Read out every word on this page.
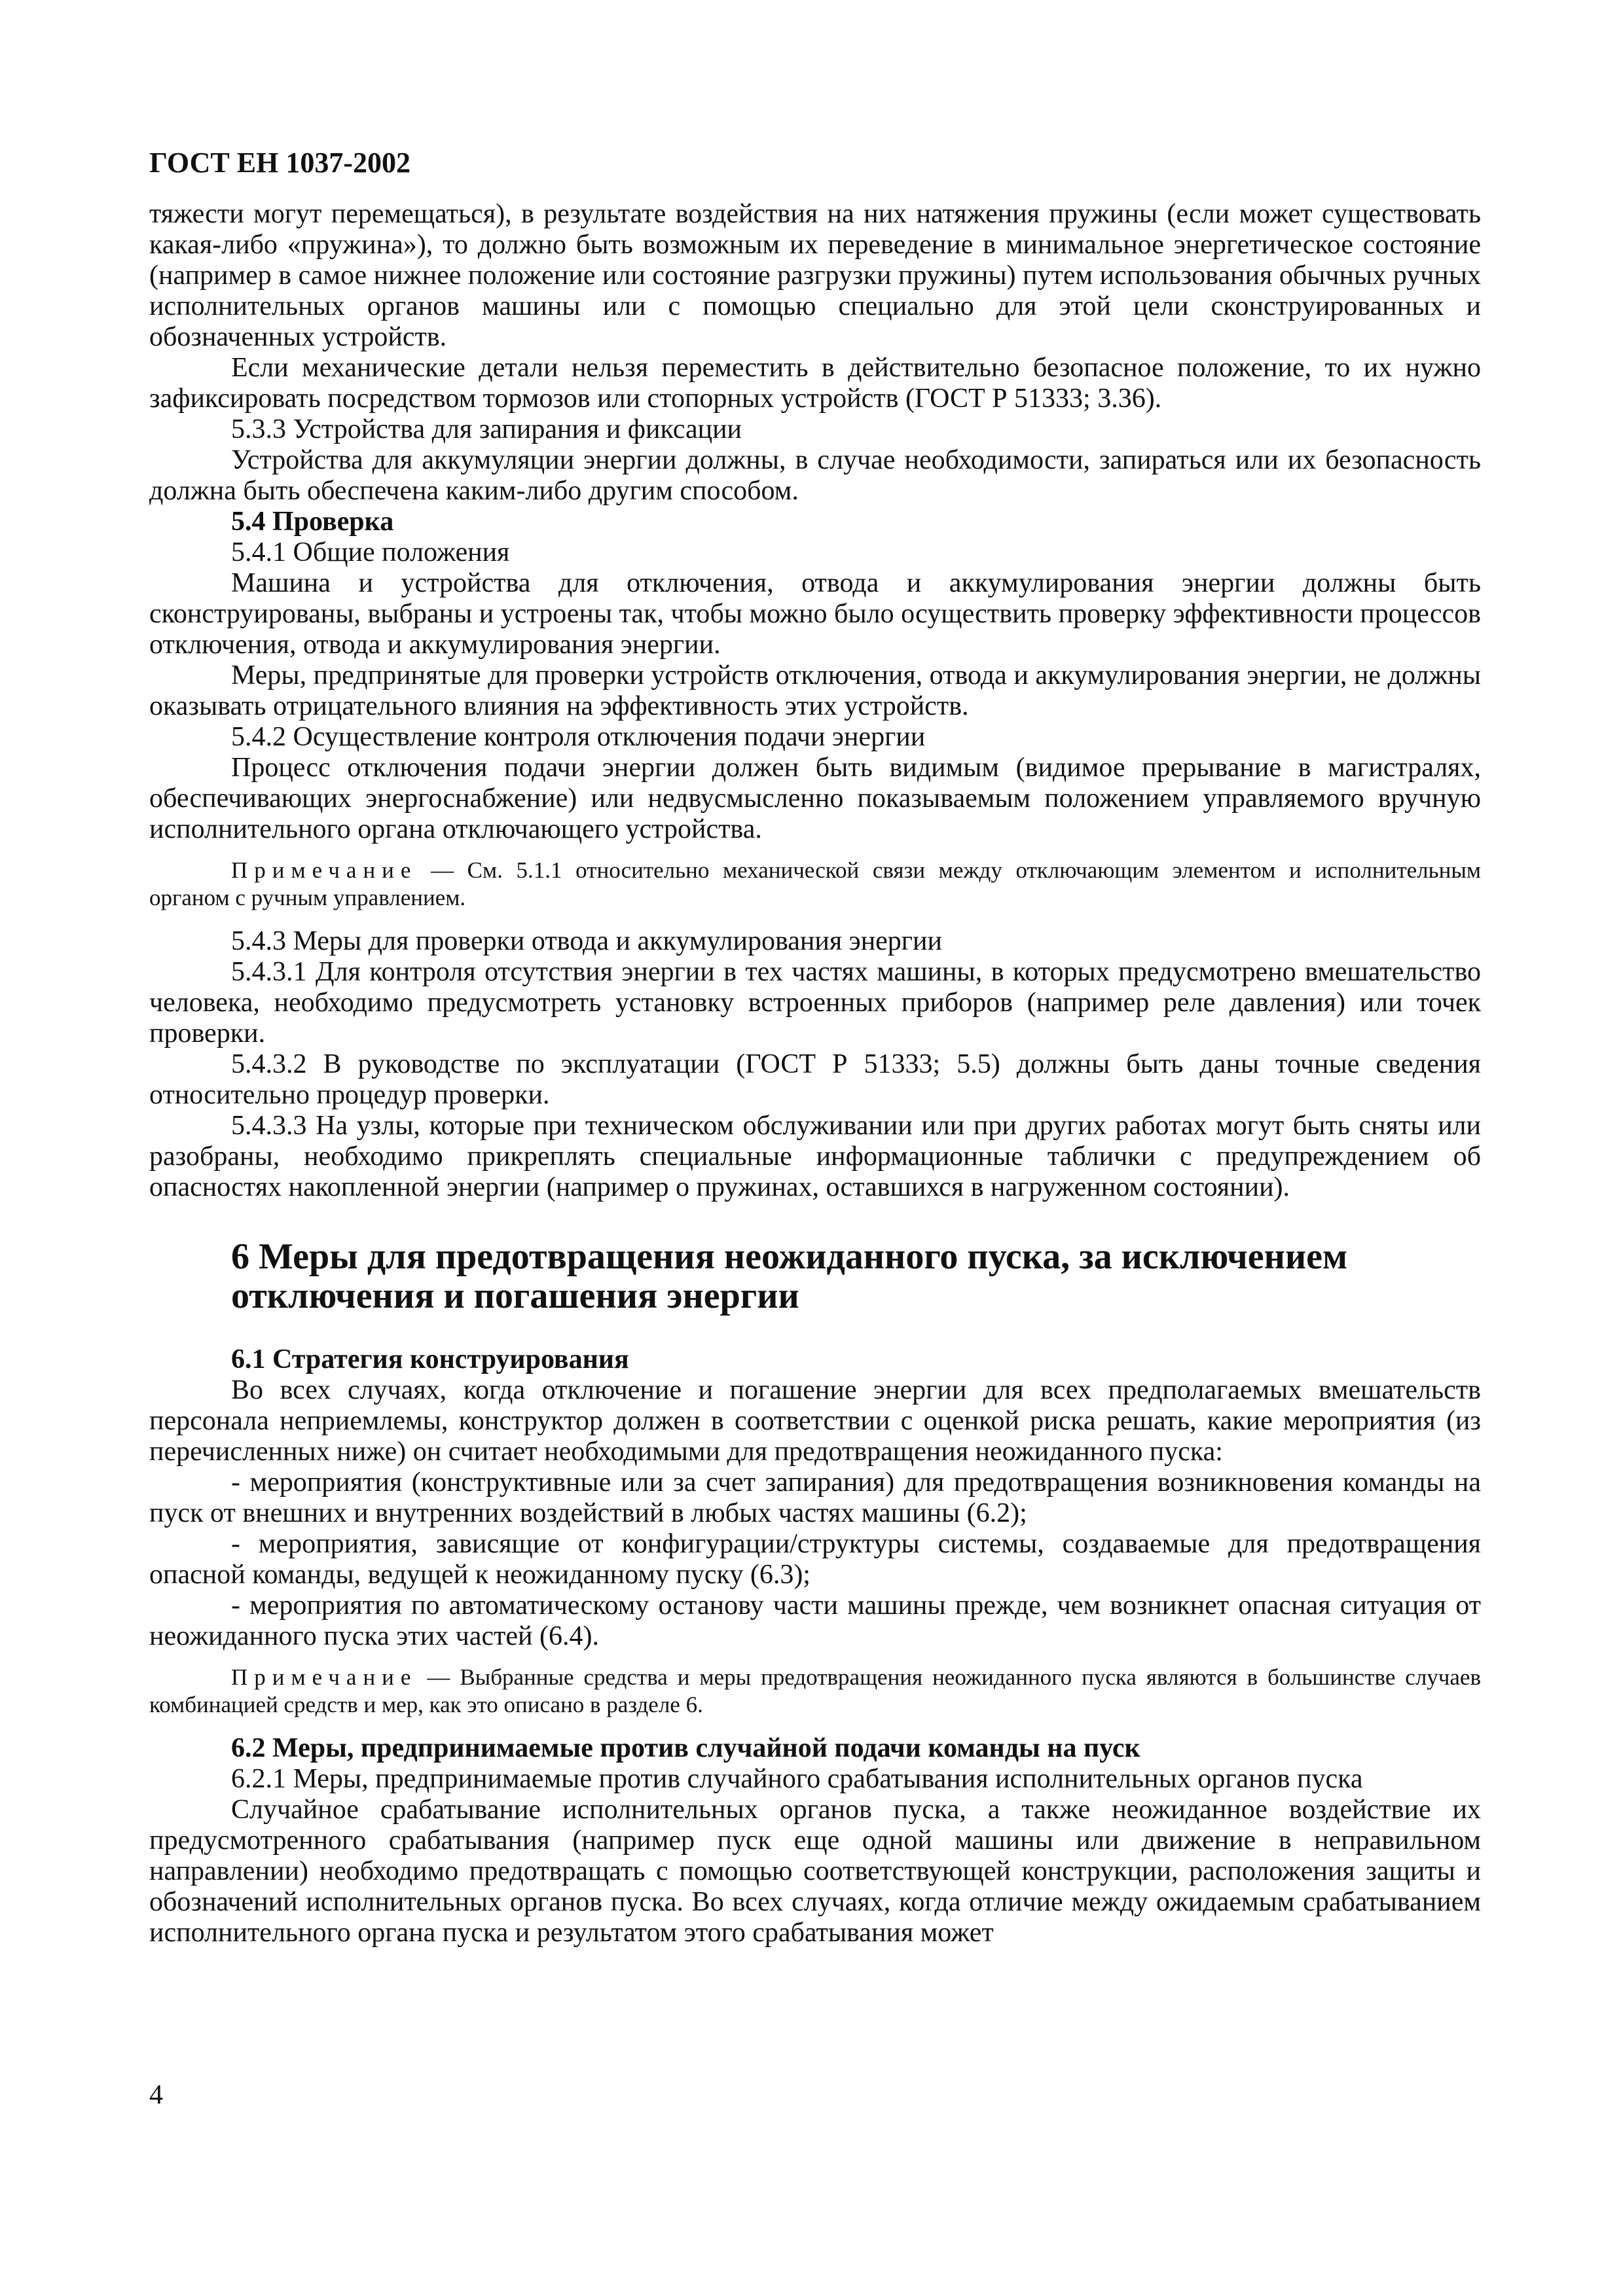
ГОСТ ЕН 1037-2002

тяжести могут перемещаться), в результате воздействия на них натяжения пружины (если может существовать какая-либо «пружина»), то должно быть возможным их переведение в минимальное энергетическое состояние (например в самое нижнее положение или состояние разгрузки пружины) путем использования обычных ручных исполнительных органов машины или с помощью специально для этой цели сконструированных и обозначенных устройств.

Если механические детали нельзя переместить в действительно безопасное положение, то их нужно зафиксировать посредством тормозов или стопорных устройств (ГОСТ Р 51333; 3.36).

5.3.3 Устройства для запирания и фиксации

Устройства для аккумуляции энергии должны, в случае необходимости, запираться или их безопасность должна быть обеспечена каким-либо другим способом.

5.4 Проверка

5.4.1 Общие положения

Машина и устройства для отключения, отвода и аккумулирования энергии должны быть сконструированы, выбраны и устроены так, чтобы можно было осуществить проверку эффективности процессов отключения, отвода и аккумулирования энергии.

Меры, предпринятые для проверки устройств отключения, отвода и аккумулирования энергии, не должны оказывать отрицательного влияния на эффективность этих устройств.

5.4.2 Осуществление контроля отключения подачи энергии

Процесс отключения подачи энергии должен быть видимым (видимое прерывание в магистралях, обеспечивающих энергоснабжение) или недвусмысленно показываемым положением управляемого вручную исполнительного органа отключающего устройства.

Примечание — См. 5.1.1 относительно механической связи между отключающим элементом и исполнительным органом с ручным управлением.

5.4.3 Меры для проверки отвода и аккумулирования энергии

5.4.3.1 Для контроля отсутствия энергии в тех частях машины, в которых предусмотрено вмешательство человека, необходимо предусмотреть установку встроенных приборов (например реле давления) или точек проверки.

5.4.3.2 В руководстве по эксплуатации (ГОСТ Р 51333; 5.5) должны быть даны точные сведения относительно процедур проверки.

5.4.3.3 На узлы, которые при техническом обслуживании или при других работах могут быть сняты или разобраны, необходимо прикреплять специальные информационные таблички с предупреждением об опасностях накопленной энергии (например о пружинах, оставшихся в нагруженном состоянии).

6 Меры для предотвращения неожиданного пуска, за исключением отключения и погашения энергии

6.1 Стратегия конструирования

Во всех случаях, когда отключение и погашение энергии для всех предполагаемых вмешательств персонала неприемлемы, конструктор должен в соответствии с оценкой риска решать, какие мероприятия (из перечисленных ниже) он считает необходимыми для предотвращения неожиданного пуска:

- мероприятия (конструктивные или за счет запирания) для предотвращения возникновения команды на пуск от внешних и внутренних воздействий в любых частях машины (6.2);

- мероприятия, зависящие от конфигурации/структуры системы, создаваемые для предотвращения опасной команды, ведущей к неожиданному пуску (6.3);

- мероприятия по автоматическому останову части машины прежде, чем возникнет опасная ситуация от неожиданного пуска этих частей (6.4).

Примечание — Выбранные средства и меры предотвращения неожиданного пуска являются в большинстве случаев комбинацией средств и мер, как это описано в разделе 6.

6.2 Меры, предпринимаемые против случайной подачи команды на пуск

6.2.1 Меры, предпринимаемые против случайного срабатывания исполнительных органов пуска

Случайное срабатывание исполнительных органов пуска, а также неожиданное воздействие их предусмотренного срабатывания (например пуск еще одной машины или движение в неправильном направлении) необходимо предотвращать с помощью соответствующей конструкции, расположения защиты и обозначений исполнительных органов пуска. Во всех случаях, когда отличие между ожидаемым срабатыванием исполнительного органа пуска и результатом этого срабатывания может

4
